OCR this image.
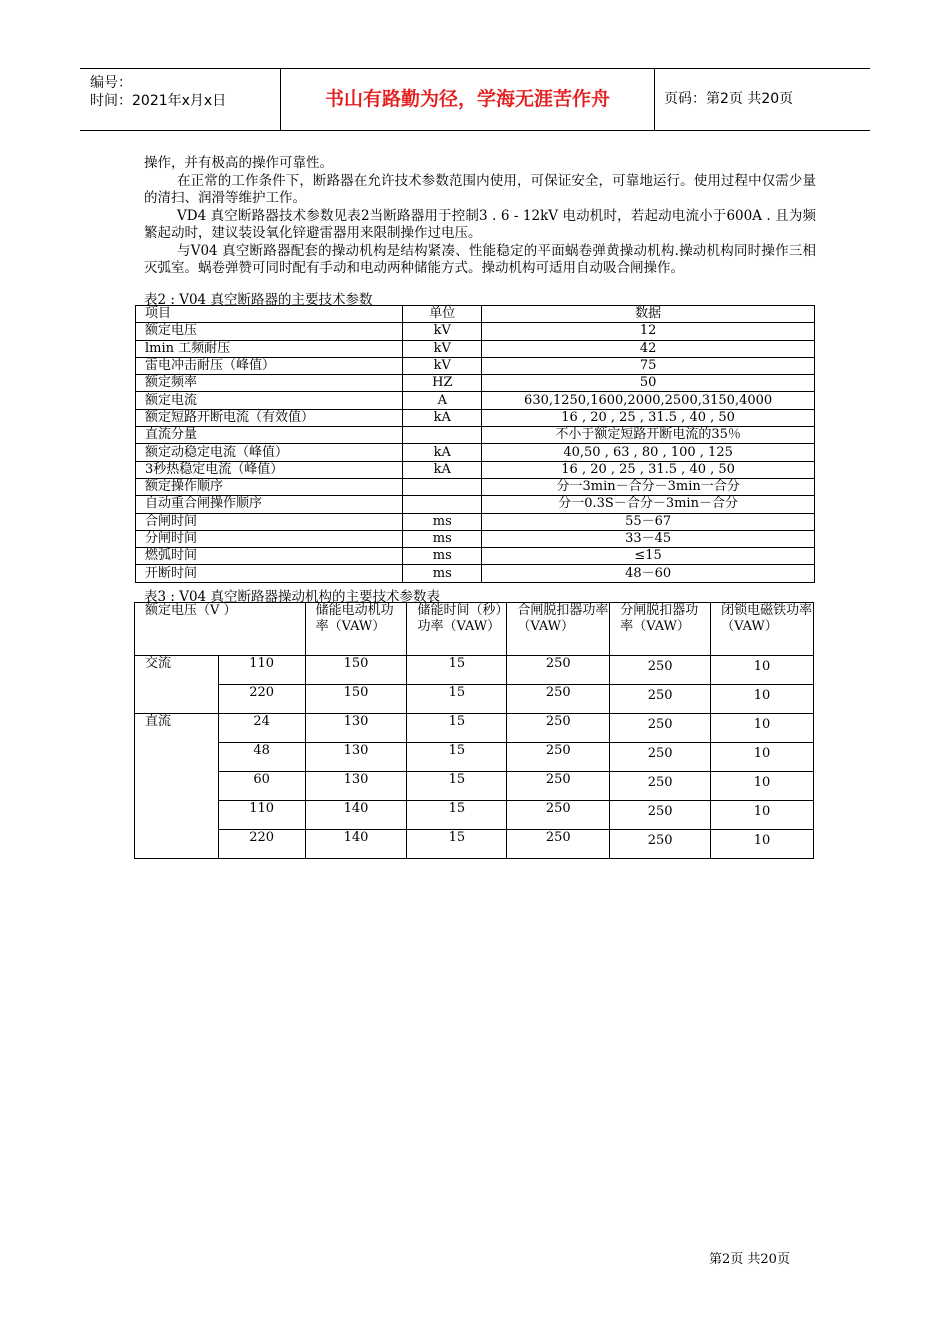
编号：
时间：2021年x月x日	书山有路勤为径，学海无涯苦作舟	页码：第2页 共20页

操作，并有极高的操作可靠性。

在正常的工作条件下，断路器在允许技术参数范围内使用，可保证安全，可靠地运行。使用过程中仅需少量的清扫、润滑等维护工作。

VD4 真空断路器技术参数见表2当断路器用于控制3 . 6 - 12kV 电动机时，若起动电流小于600A . 且为频繁起动时，建议装设氧化锌避雷器用来限制操作过电压。

与V04 真空断路器配套的操动机构是结构紧凑、性能稳定的平面蜗卷弹黄操动机构.操动机构同时操作三相灭弧室。蜗卷弹赞可同时配有手动和电动两种储能方式。操动机构可适用自动吸合闸操作。

表2 : V04 真空断路器的主要技术参数
项目	单位	数据
额定电压	kV	12
lmin 工频耐压	kV	42
雷电冲击耐压（峰值）	kV	75
额定频率	HZ	50
额定电流	A	630,1250,1600,2000,2500,3150,4000
额定短路开断电流（有效值）	kA	16 , 20 , 25 , 31.5 , 40 , 50
直流分量		不小于额定短路开断电流的35％
额定动稳定电流（峰值）	kA	40,50 , 63 , 80 , 100 , 125
3秒热稳定电流（峰值）	kA	16 , 20 , 25 , 31.5 , 40 , 50
额定操作顺序		分一3min－合分－3min一合分
自动重合闸操作顺序		分一0.3S－合分－3min－合分
合闸时间	ms	55－67
分闸时间	ms	33－45
燃弧时间	ms	≤15
开断时间	ms	48－60
表3 : V04 真空断路器操动机构的主要技术参数表
额定电压（V ）		储能电动机功率（VAW）	储能时间（秒）功率（VAW）	合闸脱扣器功率（VAW）	分闸脱扣器功率（VAW）	闭锁电磁铁功率（VAW）
交流	110	150	15	250	250	10
	220	150	15	250	250	10
直流	24	130	15	250	250	10
	48	130	15	250	250	10
	60	130	15	250	250	10
	110	140	15	250	250	10
	220	140	15	250	250	10
第2页 共20页
